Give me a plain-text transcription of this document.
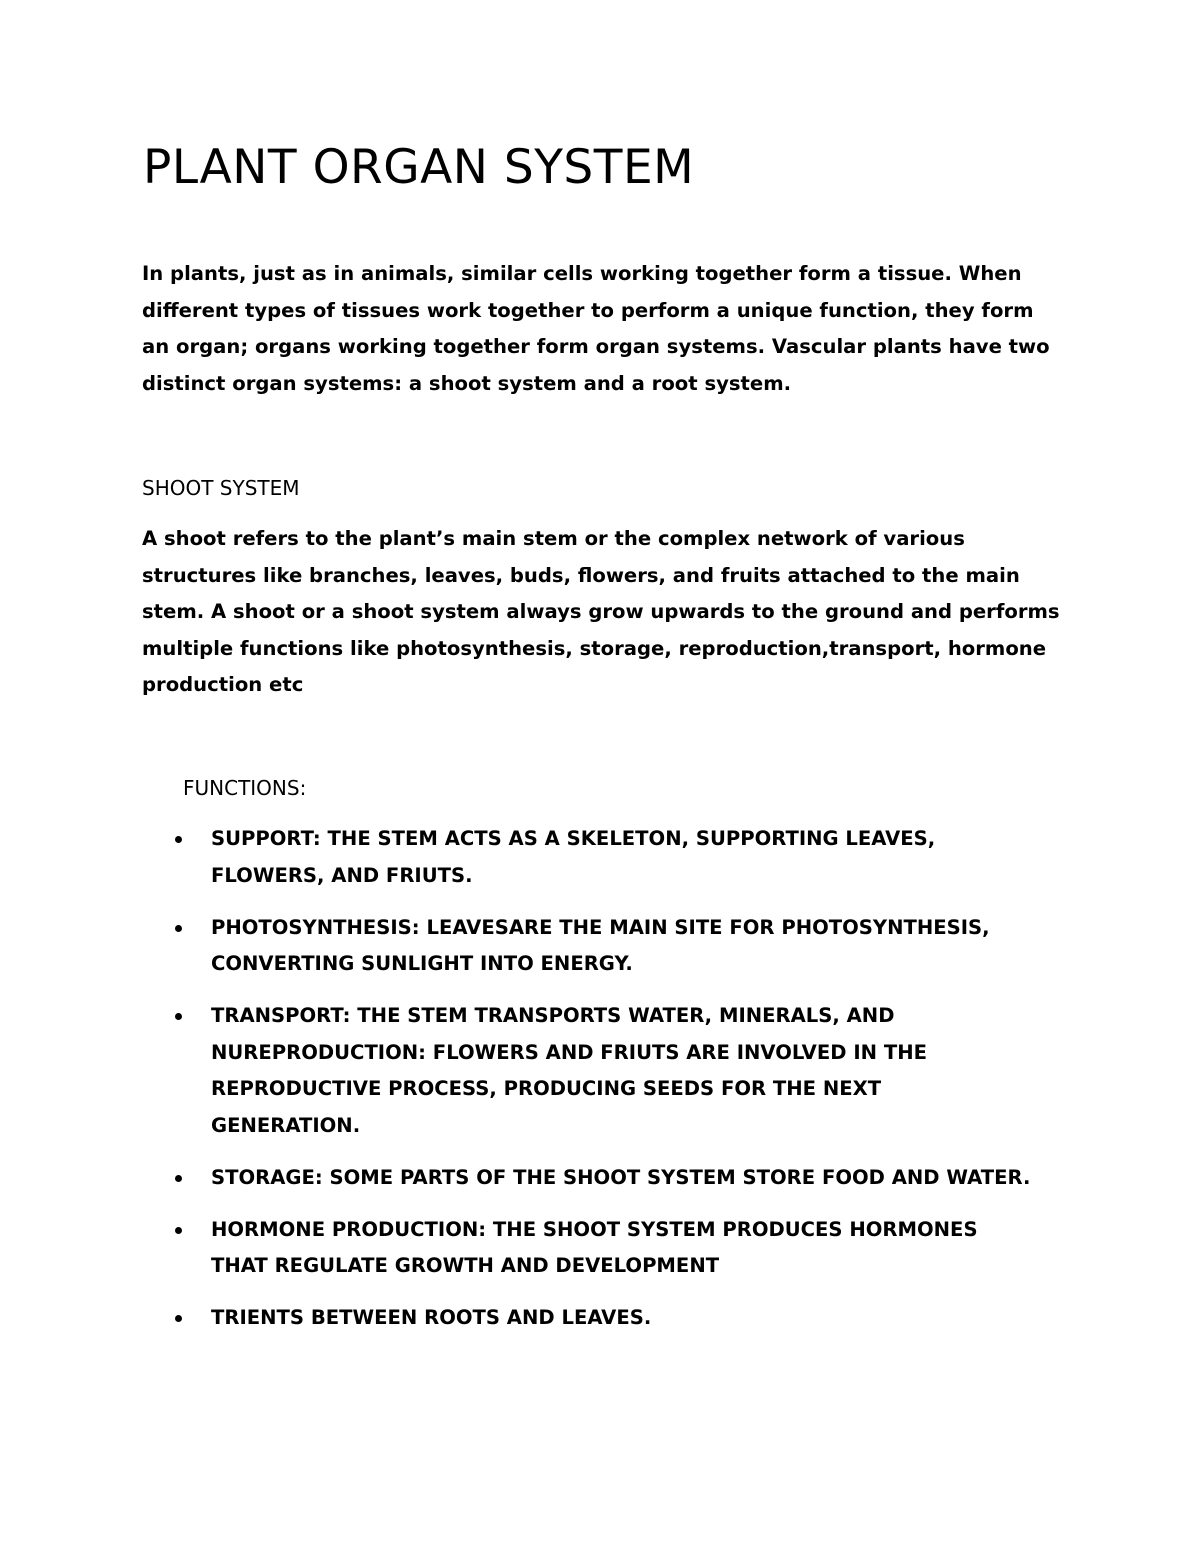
PLANT ORGAN SYSTEM

In plants, just as in animals, similar cells working together form a tissue. When different types of tissues work together to perform a unique function, they form an organ; organs working together form organ systems. Vascular plants have two distinct organ systems: a shoot system and a root system.

SHOOT SYSTEM

A shoot refers to the plant’s main stem or the complex network of various structures like branches, leaves, buds, flowers, and fruits attached to the main stem. A shoot or a shoot system always grow upwards to the ground and performs multiple functions like photosynthesis, storage, reproduction,transport, hormone production etc

FUNCTIONS:
SUPPORT: THE STEM ACTS AS A SKELETON, SUPPORTING LEAVES, FLOWERS, AND FRIUTS.
PHOTOSYNTHESIS: LEAVESARE THE MAIN SITE FOR PHOTOSYNTHESIS, CONVERTING SUNLIGHT INTO ENERGY.
TRANSPORT: THE STEM TRANSPORTS WATER, MINERALS, AND NUREPRODUCTION: FLOWERS AND FRIUTS ARE INVOLVED IN THE REPRODUCTIVE PROCESS, PRODUCING SEEDS FOR THE NEXT GENERATION.
STORAGE: SOME PARTS OF THE SHOOT SYSTEM STORE FOOD AND WATER.
HORMONE PRODUCTION: THE SHOOT SYSTEM PRODUCES HORMONES THAT REGULATE GROWTH AND DEVELOPMENT
TRIENTS BETWEEN ROOTS AND LEAVES.
